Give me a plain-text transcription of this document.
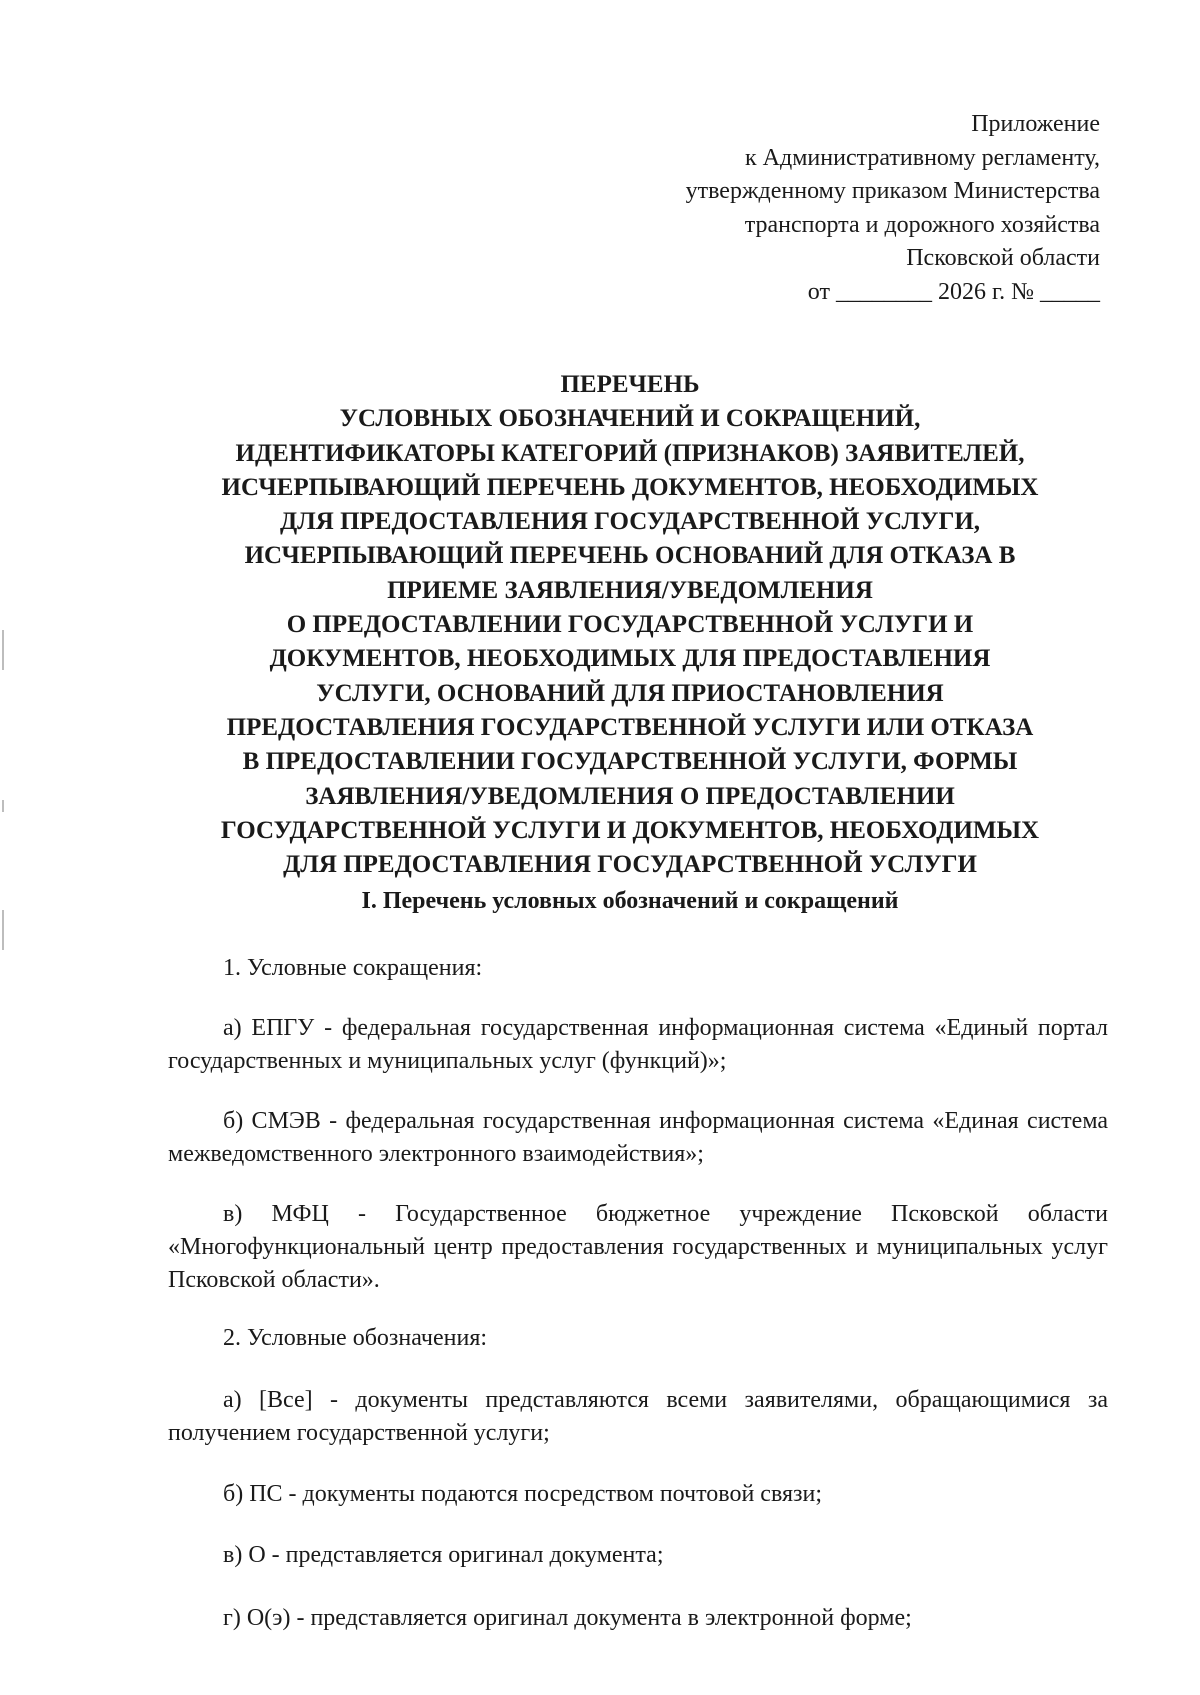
Приложение
к Административному регламенту,
утвержденному приказом Министерства
транспорта и дорожного хозяйства
Псковской области
от ________ 2026 г. № _____
ПЕРЕЧЕНЬ
УСЛОВНЫХ ОБОЗНАЧЕНИЙ И СОКРАЩЕНИЙ,
ИДЕНТИФИКАТОРЫ КАТЕГОРИЙ (ПРИЗНАКОВ) ЗАЯВИТЕЛЕЙ,
ИСЧЕРПЫВАЮЩИЙ ПЕРЕЧЕНЬ ДОКУМЕНТОВ, НЕОБХОДИМЫХ
ДЛЯ ПРЕДОСТАВЛЕНИЯ ГОСУДАРСТВЕННОЙ УСЛУГИ,
ИСЧЕРПЫВАЮЩИЙ ПЕРЕЧЕНЬ ОСНОВАНИЙ ДЛЯ ОТКАЗА В
ПРИЕМЕ ЗАЯВЛЕНИЯ/УВЕДОМЛЕНИЯ
О ПРЕДОСТАВЛЕНИИ ГОСУДАРСТВЕННОЙ УСЛУГИ И
ДОКУМЕНТОВ, НЕОБХОДИМЫХ ДЛЯ ПРЕДОСТАВЛЕНИЯ
УСЛУГИ, ОСНОВАНИЙ ДЛЯ ПРИОСТАНОВЛЕНИЯ
ПРЕДОСТАВЛЕНИЯ ГОСУДАРСТВЕННОЙ УСЛУГИ ИЛИ ОТКАЗА
В ПРЕДОСТАВЛЕНИИ ГОСУДАРСТВЕННОЙ УСЛУГИ, ФОРМЫ
ЗАЯВЛЕНИЯ/УВЕДОМЛЕНИЯ О ПРЕДОСТАВЛЕНИИ
ГОСУДАРСТВЕННОЙ УСЛУГИ И ДОКУМЕНТОВ, НЕОБХОДИМЫХ
ДЛЯ ПРЕДОСТАВЛЕНИЯ ГОСУДАРСТВЕННОЙ УСЛУГИ
I. Перечень условных обозначений и сокращений
1. Условные сокращения:
а) ЕПГУ - федеральная государственная информационная система «Единый портал государственных и муниципальных услуг (функций)»;
б) СМЭВ - федеральная государственная информационная система «Единая система межведомственного электронного взаимодействия»;
в) МФЦ - Государственное бюджетное учреждение Псковской области «Многофункциональный центр предоставления государственных и муниципальных услуг Псковской области».
2. Условные обозначения:
а) [Все] - документы представляются всеми заявителями, обращающимися за получением государственной услуги;
б) ПС - документы подаются посредством почтовой связи;
в) О - представляется оригинал документа;
г) О(э) - представляется оригинал документа в электронной форме;
